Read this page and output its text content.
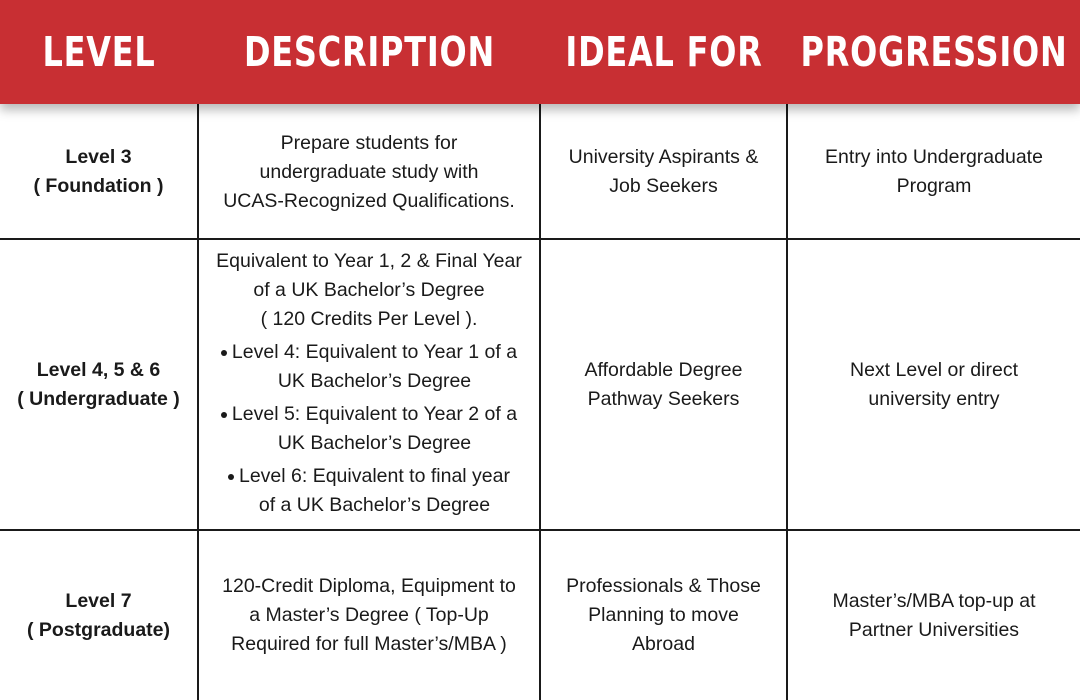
LEVEL	DESCRIPTION IDEAL FOR PROGRESSION
Level 3
( Foundation )
Prepare students for
undergraduate study with
UCAS-Recognized Qualifications.
University Aspirants &
Job Seekers
Entry into Undergraduate
Program
Level 4, 5 & 6
( Undergraduate )
Equivalent to Year 1, 2 & Final Year
of a UK Bachelor’s Degree
( 120 Credits Per Level ).
Level 4: Equivalent to Year 1 of a
UK Bachelor’s Degree
Level 5: Equivalent to Year 2 of a
UK Bachelor’s Degree
Level 6: Equivalent to final year
of a UK Bachelor’s Degree
Affordable Degree
Pathway Seekers
Next Level or direct
university entry
Level 7
( Postgraduate)
120-Credit Diploma, Equipment to
a Master’s Degree ( Top-Up
Required for full Master’s/MBA )
Professionals & Those
Planning to move
Abroad
Master’s/MBA top-up at
Partner Universities
